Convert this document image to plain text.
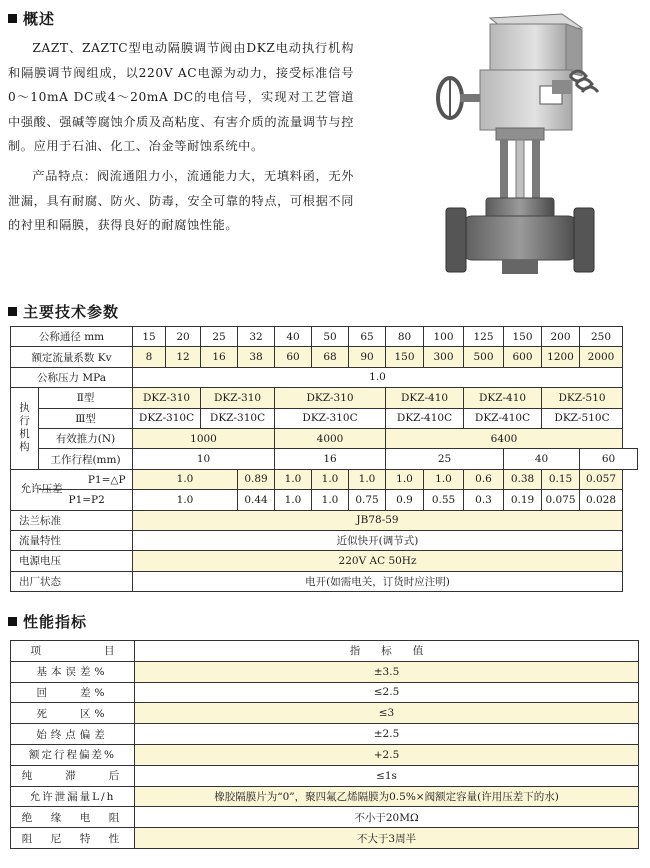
概述

ZAZT、ZAZTC型电动隔膜调节阀由DKZ电动执行机构和隔膜调节阀组成，以220V AC电源为动力，接受标准信号0～10mA DC或4～20mA DC的电信号，实现对工艺管道中强酸、强碱等腐蚀介质及高粘度、有害介质的流量调节与控制。应用于石油、化工、冶金等耐蚀系统中。

产品特点：阀流通阻力小，流通能力大，无填料函，无外泄漏，具有耐腐、防火、防毒，安全可靠的特点，可根据不同的衬里和隔膜，获得良好的耐腐蚀性能。

主要技术参数
公称通径 mm		15	20	25	32	40	50	65	80	100	125	150	200	250
额定流量系数 Kv		8	12	16	38	60	68	90	150	300	500	600	1200	2000
公称压力 MPa		1.0												
执行机构	Ⅱ型	DKZ-310		DKZ-310		DKZ-310			DKZ-410		DKZ-410		DKZ-510	
	Ⅲ型	DKZ-310C		DKZ-310C		DKZ-310C			DKZ-410C		DKZ-410C		DKZ-510C	
	有效推力(N)	1000				4000			6400					
	工作行程(mm)	10				16			25			40		60
	允许压差 P1=△P	1.0			0.89	1.0	1.0	1.0	1.0	1.0	0.6	0.38	0.15	0.057
	P1=P2	1.0			0.44	1.0	1.0	0.75	0.9	0.55	0.3	0.19	0.075	0.028
法兰标准		JB78-59												
流量特性		近似快开(调节式)												
电源电压		220V AC 50Hz												
出厂状态		电开(如需电关，订货时应注明)												
性能指标
项　　　　　　目	指　　标　　值
基本误差%	±3.5
回　　差%	≤2.5
死　　区%	≤3
始终点偏差	±2.5
额定行程偏差%	+2.5
纯　　滞　　后	≤1s
允许泄漏量L/h	橡胶隔膜片为“0”，聚四氟乙烯隔膜为0.5%×阀额定容量(许用压差下的水)
绝　缘　电　阻	不小于20MΩ
阻　尼　特　性	不大于3周半
